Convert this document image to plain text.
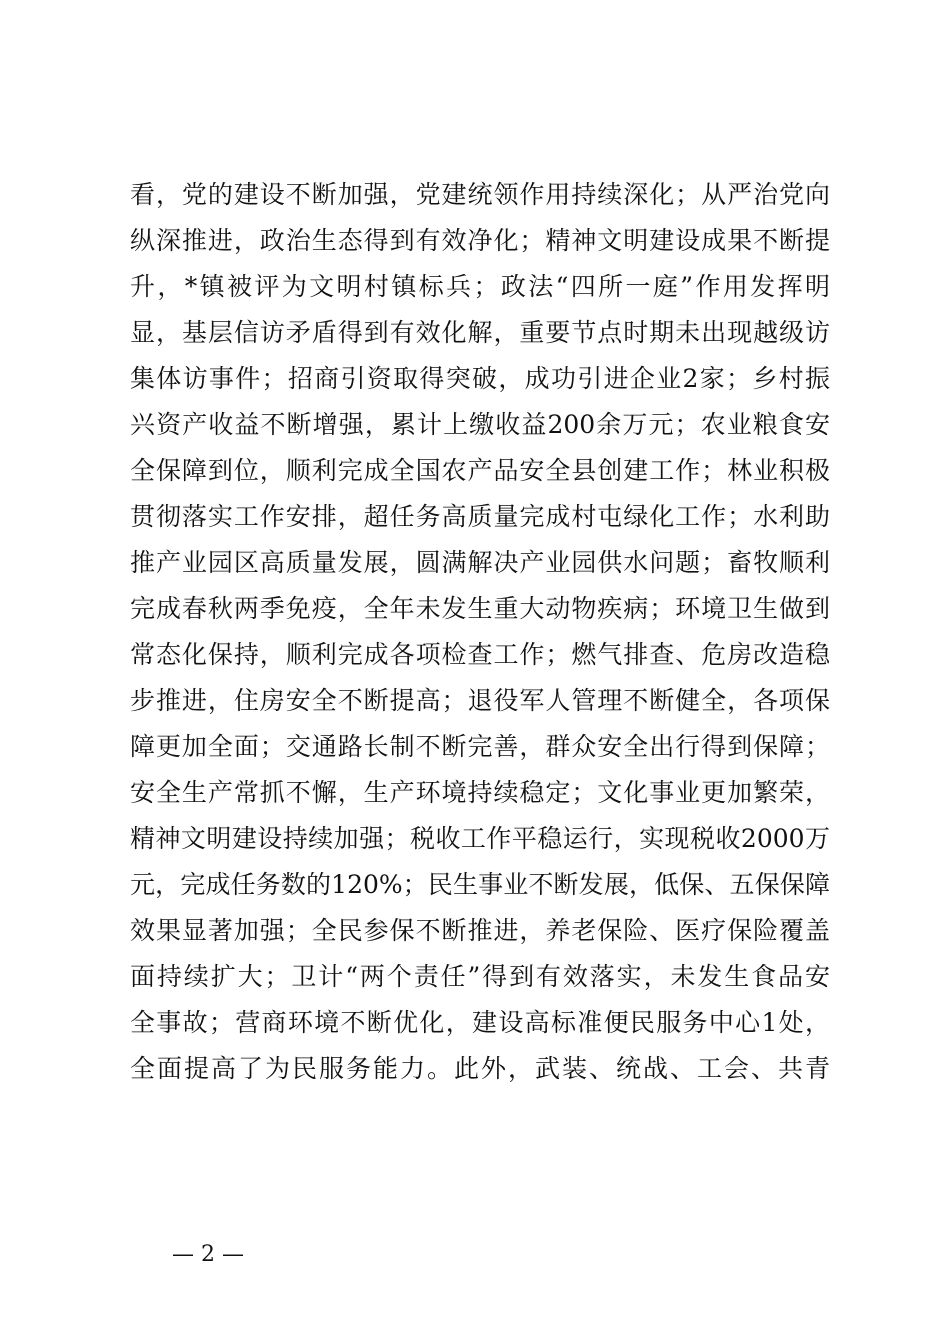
看，党的建设不断加强，党建统领作用持续深化；从严治党向
纵深推进，政治生态得到有效净化；精神文明建设成果不断提
升，*镇被评为文明村镇标兵；政法“四所一庭”作用发挥明
显，基层信访矛盾得到有效化解，重要节点时期未出现越级访
集体访事件；招商引资取得突破，成功引进企业2家；乡村振
兴资产收益不断增强，累计上缴收益200余万元；农业粮食安
全保障到位，顺利完成全国农产品安全县创建工作；林业积极
贯彻落实工作安排，超任务高质量完成村屯绿化工作；水利助
推产业园区高质量发展，圆满解决产业园供水问题；畜牧顺利
完成春秋两季免疫，全年未发生重大动物疾病；环境卫生做到
常态化保持，顺利完成各项检查工作；燃气排查、危房改造稳
步推进，住房安全不断提高；退役军人管理不断健全，各项保
障更加全面；交通路长制不断完善，群众安全出行得到保障；
安全生产常抓不懈，生产环境持续稳定；文化事业更加繁荣，
精神文明建设持续加强；税收工作平稳运行，实现税收2000万
元，完成任务数的120%；民生事业不断发展，低保、五保保障
效果显著加强；全民参保不断推进，养老保险、医疗保险覆盖
面持续扩大；卫计“两个责任”得到有效落实，未发生食品安
全事故；营商环境不断优化，建设高标准便民服务中心1处，
全面提高了为民服务能力。此外，武装、统战、工会、共青
— 2 —
